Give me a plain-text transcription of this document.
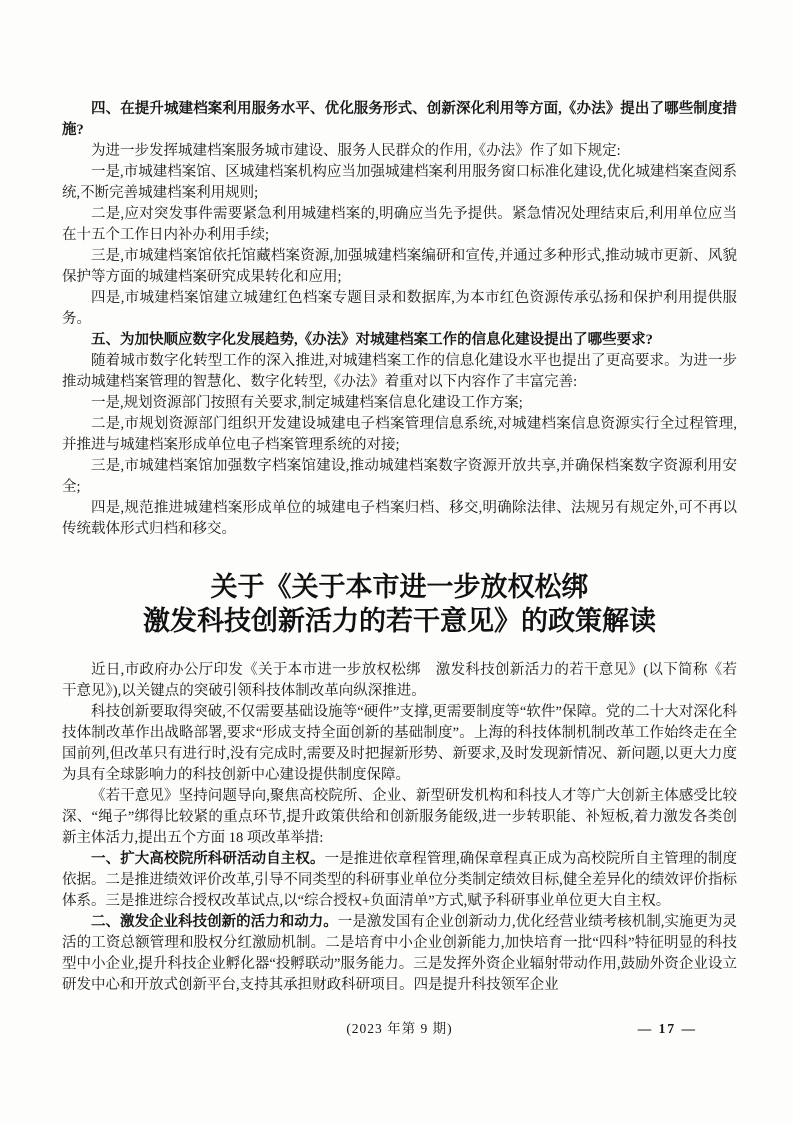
四、在提升城建档案利用服务水平、优化服务形式、创新深化利用等方面,《办法》提出了哪些制度措施?

为进一步发挥城建档案服务城市建设、服务人民群众的作用,《办法》作了如下规定:

一是,市城建档案馆、区城建档案机构应当加强城建档案利用服务窗口标准化建设,优化城建档案查阅系统,不断完善城建档案利用规则;

二是,应对突发事件需要紧急利用城建档案的,明确应当先予提供。紧急情况处理结束后,利用单位应当在十五个工作日内补办利用手续;

三是,市城建档案馆依托馆藏档案资源,加强城建档案编研和宣传,并通过多种形式,推动城市更新、风貌保护等方面的城建档案研究成果转化和应用;

四是,市城建档案馆建立城建红色档案专题目录和数据库,为本市红色资源传承弘扬和保护利用提供服务。

五、为加快顺应数字化发展趋势,《办法》对城建档案工作的信息化建设提出了哪些要求?

随着城市数字化转型工作的深入推进,对城建档案工作的信息化建设水平也提出了更高要求。为进一步推动城建档案管理的智慧化、数字化转型,《办法》着重对以下内容作了丰富完善:

一是,规划资源部门按照有关要求,制定城建档案信息化建设工作方案;

二是,市规划资源部门组织开发建设城建电子档案管理信息系统,对城建档案信息资源实行全过程管理,并推进与城建档案形成单位电子档案管理系统的对接;

三是,市城建档案馆加强数字档案馆建设,推动城建档案数字资源开放共享,并确保档案数字资源利用安全;

四是,规范推进城建档案形成单位的城建电子档案归档、移交,明确除法律、法规另有规定外,可不再以传统载体形式归档和移交。

关于《关于本市进一步放权松绑
激发科技创新活力的若干意见》的政策解读

近日,市政府办公厅印发《关于本市进一步放权松绑　激发科技创新活力的若干意见》(以下简称《若干意见》),以关键点的突破引领科技体制改革向纵深推进。

科技创新要取得突破,不仅需要基础设施等“硬件”支撑,更需要制度等“软件”保障。党的二十大对深化科技体制改革作出战略部署,要求“形成支持全面创新的基础制度”。上海的科技体制机制改革工作始终走在全国前列,但改革只有进行时,没有完成时,需要及时把握新形势、新要求,及时发现新情况、新问题,以更大力度为具有全球影响力的科技创新中心建设提供制度保障。

《若干意见》坚持问题导向,聚焦高校院所、企业、新型研发机构和科技人才等广大创新主体感受比较深、“绳子”绑得比较紧的重点环节,提升政策供给和创新服务能级,进一步转职能、补短板,着力激发各类创新主体活力,提出五个方面 18 项改革举措:

一、扩大高校院所科研活动自主权。一是推进依章程管理,确保章程真正成为高校院所自主管理的制度依据。二是推进绩效评价改革,引导不同类型的科研事业单位分类制定绩效目标,健全差异化的绩效评价指标体系。三是推进综合授权改革试点,以“综合授权+负面清单”方式,赋予科研事业单位更大自主权。

二、激发企业科技创新的活力和动力。一是激发国有企业创新动力,优化经营业绩考核机制,实施更为灵活的工资总额管理和股权分红激励机制。二是培育中小企业创新能力,加快培育一批“四科”特征明显的科技型中小企业,提升科技企业孵化器“投孵联动”服务能力。三是发挥外资企业辐射带动作用,鼓励外资企业设立研发中心和开放式创新平台,支持其承担财政科研项目。四是提升科技领军企业

(2023 年第 9 期)	— 17 —
